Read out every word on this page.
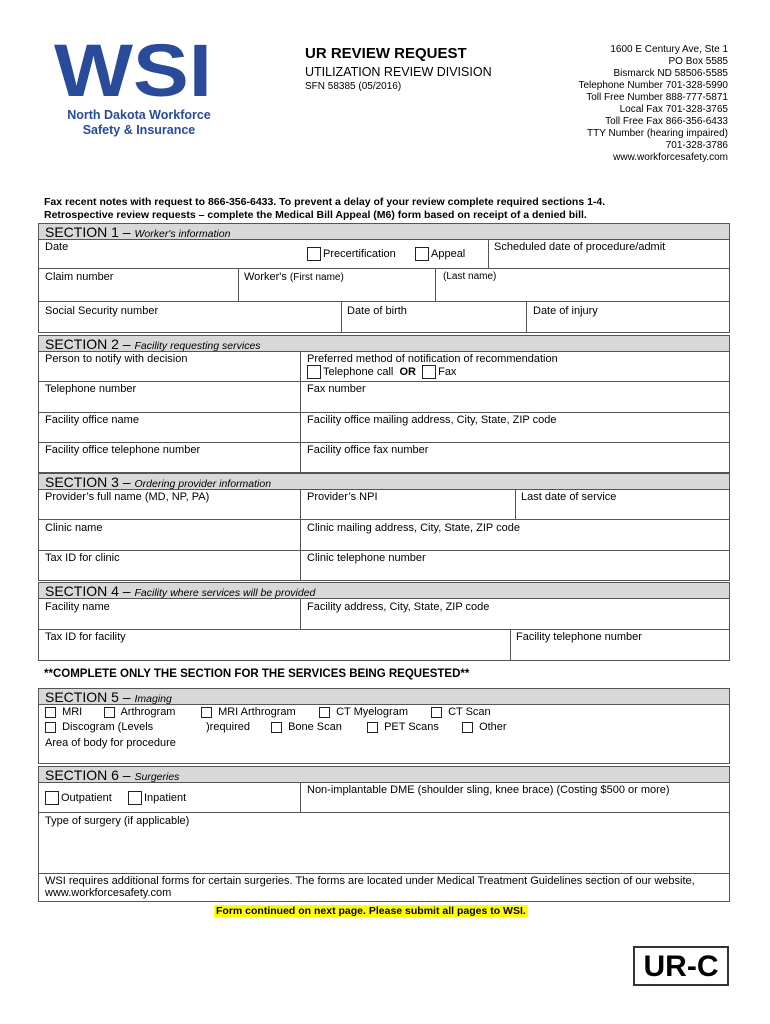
WSI
North Dakota Workforce
Safety & Insurance
UR REVIEW REQUEST
UTILIZATION REVIEW DIVISION
SFN 58385 (05/2016)
1600 E Century Ave, Ste 1
PO Box 5585
Bismarck ND 58506-5585
Telephone Number 701-328-5990
Toll Free Number 888-777-5871
Local Fax 701-328-3765
Toll Free Fax 866-356-6433
TTY Number (hearing impaired)
701-328-3786
www.workforcesafety.com
Fax recent notes with request to 866-356-6433. To prevent a delay of your review complete required sections 1-4.
Retrospective review requests – complete the Medical Bill Appeal (M6) form based on receipt of a denied bill.
SECTION 1 – Worker's information
Date
Precertification	Appeal
Scheduled date of procedure/admit
Claim number	Worker's (First name)	(Last name)
Social Security number	Date of birth	Date of injury
SECTION 2 – Facility requesting services
Person to notify with decision	Preferred method of notification of recommendation
Telephone call OR Fax
Telephone number	Fax number
Facility office name	Facility office mailing address, City, State, ZIP code
Facility office telephone number	Facility office fax number
SECTION 3 – Ordering provider information
Provider’s full name (MD, NP, PA)	Provider’s NPI	Last date of service
Clinic name	Clinic mailing address, City, State, ZIP code
Tax ID for clinic	Clinic telephone number
SECTION 4 – Facility where services will be provided
Facility name	Facility address, City, State, ZIP code
Tax ID for facility	Facility telephone number
**COMPLETE ONLY THE SECTION FOR THE SERVICES BEING REQUESTED**
SECTION 5 – Imaging
MRI	Arthrogram	MRI Arthrogram	CT Myelogram	CT Scan
Discogram (Levels	)required	Bone Scan	PET Scans	Other
Area of body for procedure
SECTION 6 – Surgeries
Outpatient	Inpatient
Non-implantable DME (shoulder sling, knee brace) (Costing $500 or more)
Type of surgery (if applicable)
WSI requires additional forms for certain surgeries. The forms are located under Medical Treatment Guidelines section of our website,
www.workforcesafety.com
Form continued on next page. Please submit all pages to WSI.
UR-C
